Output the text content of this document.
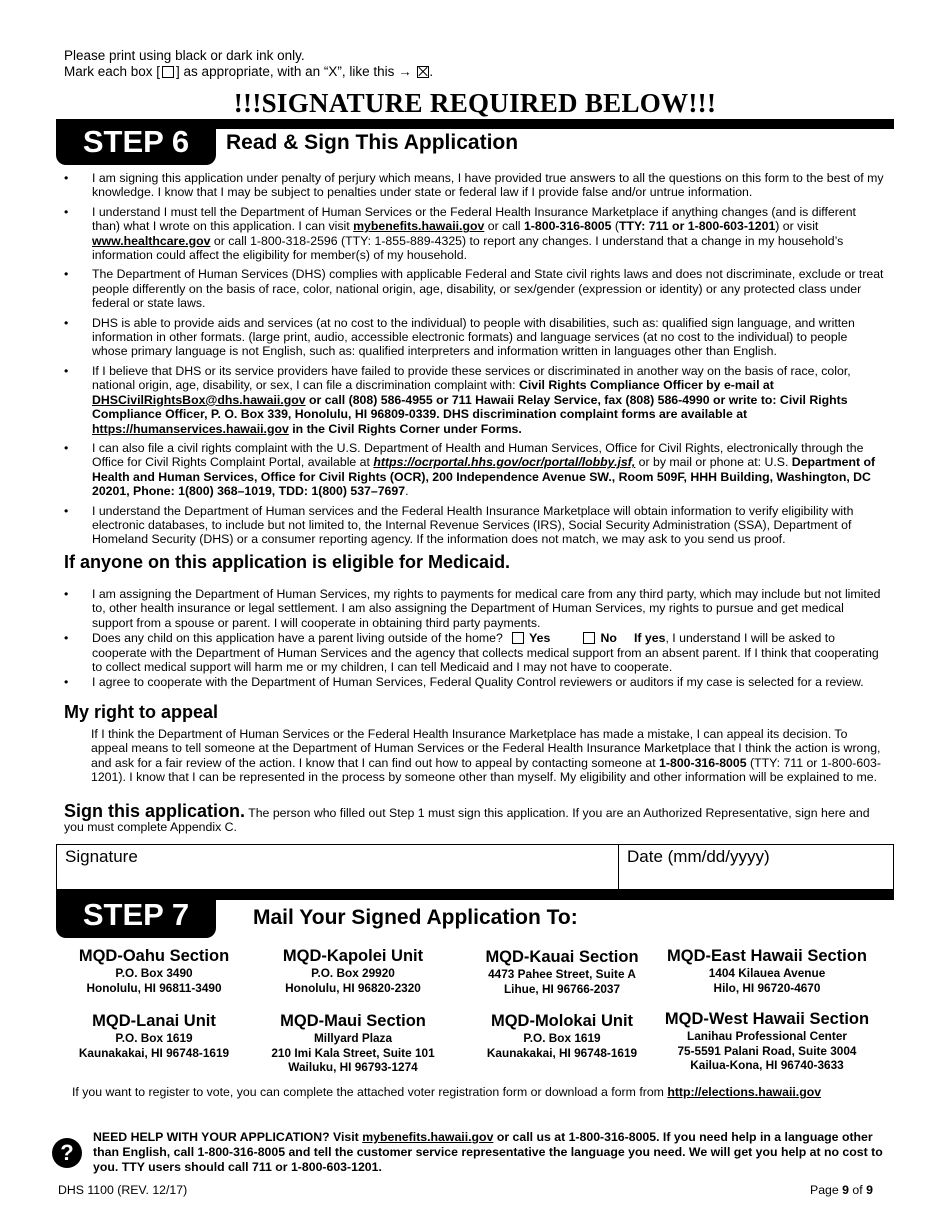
Please print using black or dark ink only.
Mark each box [ ] as appropriate, with an “X”, like this → .
!!!SIGNATURE REQUIRED BELOW!!!
STEP 6	Read & Sign This Application
• I am signing this application under penalty of perjury which means, I have provided true answers to all the questions on this form to the best of my knowledge. I know that I may be subject to penalties under state or federal law if I provide false and/or untrue information.
• I understand I must tell the Department of Human Services or the Federal Health Insurance Marketplace if anything changes (and is different than) what I wrote on this application. I can visit mybenefits.hawaii.gov or call 1-800-316-8005 (TTY: 711 or 1-800-603-1201) or visit www.healthcare.gov or call 1-800-318-2596 (TTY: 1-855-889-4325) to report any changes. I understand that a change in my household’s information could affect the eligibility for member(s) of my household.
• The Department of Human Services (DHS) complies with applicable Federal and State civil rights laws and does not discriminate, exclude or treat people differently on the basis of race, color, national origin, age, disability, or sex/gender (expression or identity) or any protected class under federal or state laws.
• DHS is able to provide aids and services (at no cost to the individual) to people with disabilities, such as: qualified sign language, and written information in other formats. (large print, audio, accessible electronic formats) and language services (at no cost to the individual) to people whose primary language is not English, such as: qualified interpreters and information written in languages other than English.
• If I believe that DHS or its service providers have failed to provide these services or discriminated in another way on the basis of race, color, national origin, age, disability, or sex, I can file a discrimination complaint with: Civil Rights Compliance Officer by e-mail at DHSCivilRightsBox@dhs.hawaii.gov or call (808) 586-4955 or 711 Hawaii Relay Service, fax (808) 586-4990 or write to: Civil Rights Compliance Officer, P. O. Box 339, Honolulu, HI 96809-0339. DHS discrimination complaint forms are available at https://humanservices.hawaii.gov in the Civil Rights Corner under Forms.
• I can also file a civil rights complaint with the U.S. Department of Health and Human Services, Office for Civil Rights, electronically through the Office for Civil Rights Complaint Portal, available at https://ocrportal.hhs.gov/ocr/portal/lobby.jsf, or by mail or phone at: U.S. Department of Health and Human Services, Office for Civil Rights (OCR), 200 Independence Avenue SW., Room 509F, HHH Building, Washington, DC 20201, Phone: 1(800) 368–1019, TDD: 1(800) 537–7697.
• I understand the Department of Human services and the Federal Health Insurance Marketplace will obtain information to verify eligibility with electronic databases, to include but not limited to, the Internal Revenue Services (IRS), Social Security Administration (SSA), Department of Homeland Security (DHS) or a consumer reporting agency. If the information does not match, we may ask to you send us proof.
If anyone on this application is eligible for Medicaid.
• I am assigning the Department of Human Services, my rights to payments for medical care from any third party, which may include but not limited to, other health insurance or legal settlement. I am also assigning the Department of Human Services, my rights to pursue and get medical support from a spouse or parent. I will cooperate in obtaining third party payments.
• Does any child on this application have a parent living outside of the home? Yes	No If yes, I understand I will be asked to cooperate with the Department of Human Services and the agency that collects medical support from an absent parent. If I think that cooperating to collect medical support will harm me or my children, I can tell Medicaid and I may not have to cooperate.
• I agree to cooperate with the Department of Human Services, Federal Quality Control reviewers or auditors if my case is selected for a review.
My right to appeal
If I think the Department of Human Services or the Federal Health Insurance Marketplace has made a mistake, I can appeal its decision. To appeal means to tell someone at the Department of Human Services or the Federal Health Insurance Marketplace that I think the action is wrong, and ask for a fair review of the action. I know that I can find out how to appeal by contacting someone at 1-800-316-8005 (TTY: 711 or 1-800-603-1201). I know that I can be represented in the process by someone other than myself. My eligibility and other information will be explained to me.
Sign this application. The person who filled out Step 1 must sign this application. If you are an Authorized Representative, sign here and you must complete Appendix C.
Signature	Date (mm/dd/yyyy)
STEP 7	Mail Your Signed Application To:
MQD-Oahu Section
P.O. Box 3490
Honolulu, HI 96811-3490
MQD-Kapolei Unit
P.O. Box 29920
Honolulu, HI 96820-2320
MQD-Kauai Section
4473 Pahee Street, Suite A
Lihue, HI 96766-2037
MQD-East Hawaii Section
1404 Kilauea Avenue
Hilo, HI 96720-4670
MQD-Lanai Unit
P.O. Box 1619
Kaunakakai, HI 96748-1619
MQD-Maui Section
Millyard Plaza
210 Imi Kala Street, Suite 101
Wailuku, HI 96793-1274
MQD-Molokai Unit
P.O. Box 1619
Kaunakakai, HI 96748-1619
MQD-West Hawaii Section
Lanihau Professional Center
75-5591 Palani Road, Suite 3004
Kailua-Kona, HI 96740-3633
If you want to register to vote, you can complete the attached voter registration form or download a form from http://elections.hawaii.gov
?
NEED HELP WITH YOUR APPLICATION? Visit mybenefits.hawaii.gov or call us at 1-800-316-8005. If you need help in a language other than English, call 1-800-316-8005 and tell the customer service representative the language you need. We will get you help at no cost to you. TTY users should call 711 or 1-800-603-1201.
DHS 1100 (REV. 12/17)	Page 9 of 9
